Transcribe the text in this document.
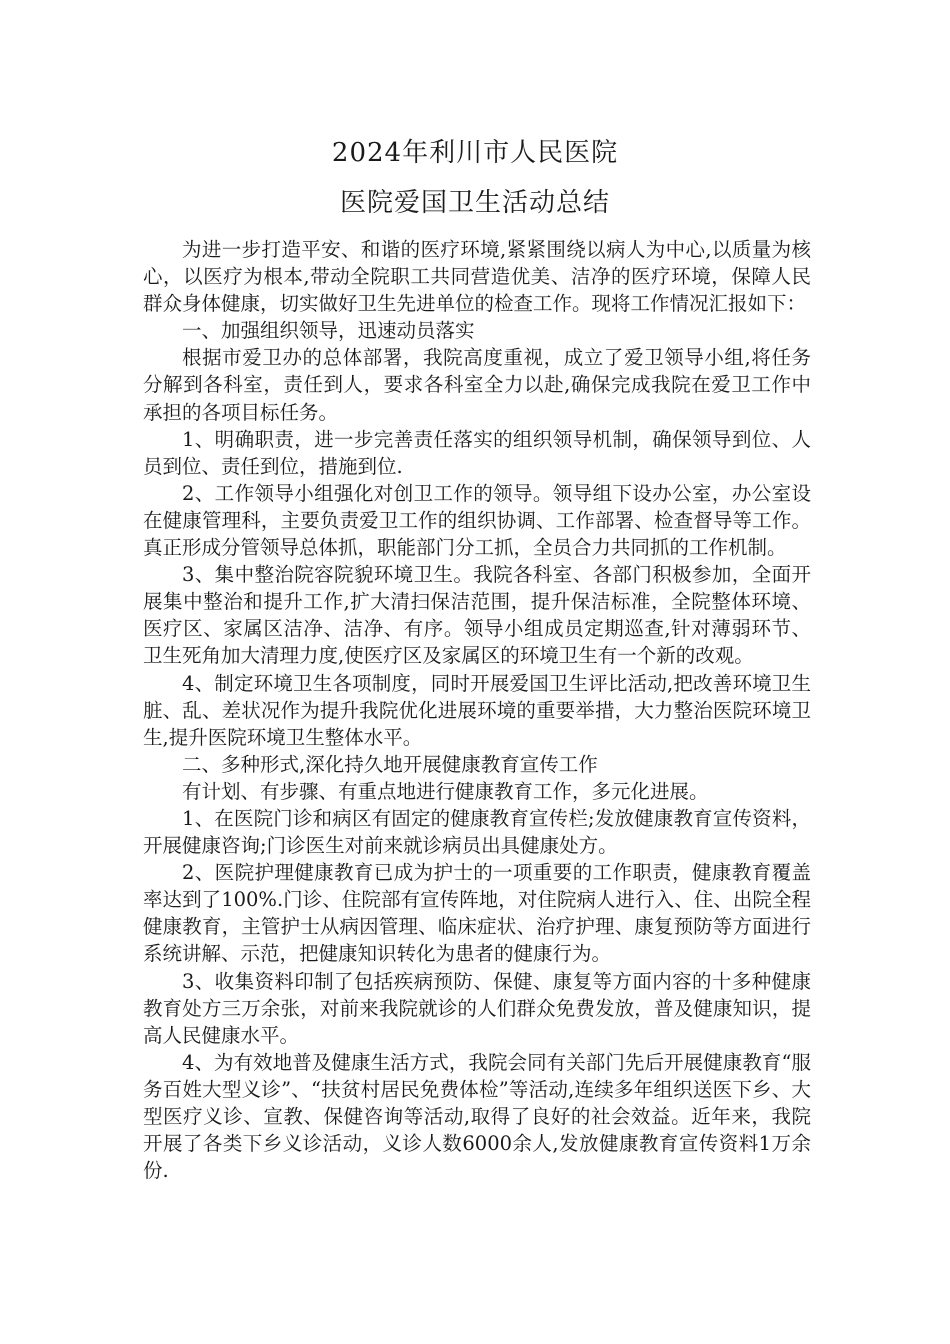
2024年利川市人民医院
医院爱国卫生活动总结

为进一步打造平安、和谐的医疗环境,紧紧围绕以病人为中心,以质量为核心，以医疗为根本,带动全院职工共同营造优美、洁净的医疗环境，保障人民群众身体健康，切实做好卫生先进单位的检查工作。现将工作情况汇报如下：

一、加强组织领导，迅速动员落实

根据市爱卫办的总体部署，我院高度重视，成立了爱卫领导小组,将任务分解到各科室，责任到人，要求各科室全力以赴,确保完成我院在爱卫工作中承担的各项目标任务。

1、明确职责，进一步完善责任落实的组织领导机制，确保领导到位、人员到位、责任到位，措施到位.

2、工作领导小组强化对创卫工作的领导。领导组下设办公室，办公室设在健康管理科，主要负责爱卫工作的组织协调、工作部署、检查督导等工作。真正形成分管领导总体抓，职能部门分工抓，全员合力共同抓的工作机制。

3、集中整治院容院貌环境卫生。我院各科室、各部门积极参加，全面开展集中整治和提升工作,扩大清扫保洁范围，提升保洁标准，全院整体环境、医疗区、家属区洁净、洁净、有序。领导小组成员定期巡查,针对薄弱环节、卫生死角加大清理力度,使医疗区及家属区的环境卫生有一个新的改观。

4、制定环境卫生各项制度，同时开展爱国卫生评比活动,把改善环境卫生脏、乱、差状况作为提升我院优化进展环境的重要举措，大力整治医院环境卫生,提升医院环境卫生整体水平。

二、多种形式,深化持久地开展健康教育宣传工作

有计划、有步骤、有重点地进行健康教育工作，多元化进展。

1、在医院门诊和病区有固定的健康教育宣传栏;发放健康教育宣传资料，开展健康咨询;门诊医生对前来就诊病员出具健康处方。

2、医院护理健康教育已成为护士的一项重要的工作职责，健康教育覆盖率达到了100%.门诊、住院部有宣传阵地，对住院病人进行入、住、出院全程健康教育，主管护士从病因管理、临床症状、治疗护理、康复预防等方面进行系统讲解、示范，把健康知识转化为患者的健康行为。

3、收集资料印制了包括疾病预防、保健、康复等方面内容的十多种健康教育处方三万余张，对前来我院就诊的人们群众免费发放，普及健康知识，提高人民健康水平。

4、为有效地普及健康生活方式，我院会同有关部门先后开展健康教育“服务百姓大型义诊”、“扶贫村居民免费体检”等活动,连续多年组织送医下乡、大型医疗义诊、宣教、保健咨询等活动,取得了良好的社会效益。近年来，我院开展了各类下乡义诊活动，义诊人数6000余人,发放健康教育宣传资料1万余份.
